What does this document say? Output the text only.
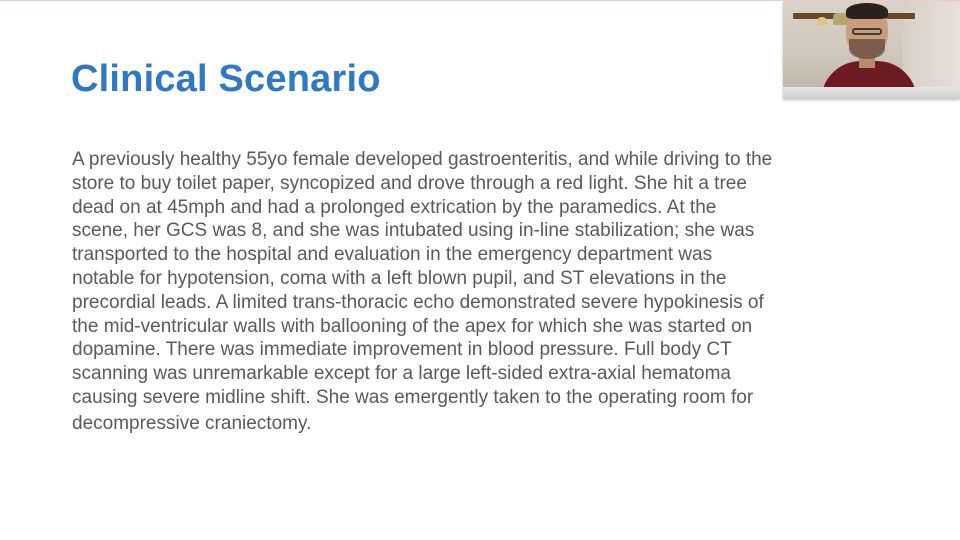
Clinical Scenario

A previously healthy 55yo female developed gastroenteritis, and while driving to the
store to buy toilet paper, syncopized and drove through a red light. She hit a tree
dead on at 45mph and had a prolonged extrication by the paramedics. At the
scene, her GCS was 8, and she was intubated using in-line stabilization; she was
transported to the hospital and evaluation in the emergency department was
notable for hypotension, coma with a left blown pupil, and ST elevations in the
precordial leads. A limited trans-thoracic echo demonstrated severe hypokinesis of
the mid-ventricular walls with ballooning of the apex for which she was started on
dopamine. There was immediate improvement in blood pressure. Full body CT
scanning was unremarkable except for a large left-sided extra-axial hematoma
causing severe midline shift. She was emergently taken to the operating room for
decompressive craniectomy.
